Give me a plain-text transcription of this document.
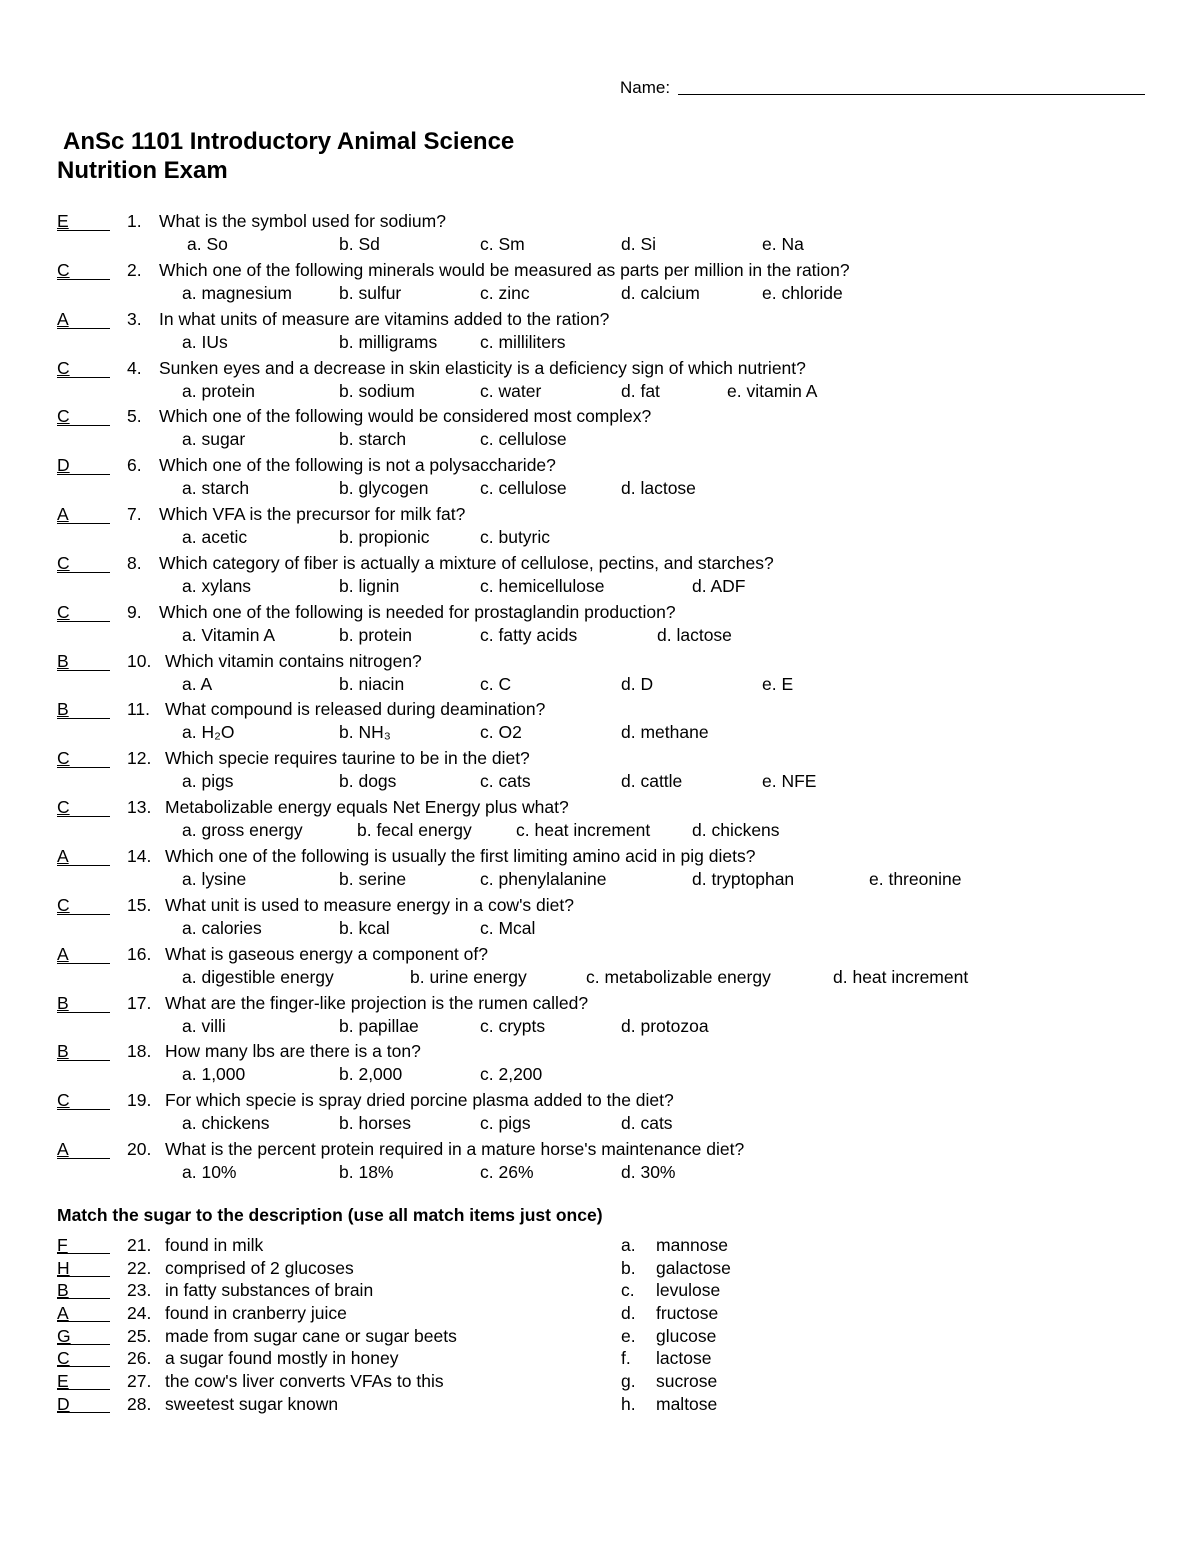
Name:
AnSc 1101 Introductory Animal Science
Nutrition Exam
E	1. What is the symbol used for sodium?
a. So	b. Sd	c. Sm	d. Si	e. Na
C	2. Which one of the following minerals would be measured as parts per million in the ration?
a. magnesium	b. sulfur	c. zinc	d. calcium	e. chloride
A	3. In what units of measure are vitamins added to the ration?
a. IUs	b. milligrams c. milliliters
C	4. Sunken eyes and a decrease in skin elasticity is a deficiency sign of which nutrient?
a. protein	b. sodium	c. water	d. fat	e. vitamin A
C	5. Which one of the following would be considered most complex?
a. sugar	b. starch	c. cellulose
D	6. Which one of the following is not a polysaccharide?
a. starch	b. glycogen	c. cellulose	d. lactose
A	7. Which VFA is the precursor for milk fat?
a. acetic	b. propionic	c. butyric
C	8. Which category of fiber is actually a mixture of cellulose, pectins, and starches?
a. xylans	b. lignin	c. hemicellulose	d. ADF
C	9. Which one of the following is needed for prostaglandin production?
a. Vitamin A	b. protein	c. fatty acids	d. lactose
B	10. Which vitamin contains nitrogen?
a. A	b. niacin	c. C	d. D	e. E
B	11. What compound is released during deamination?
a. H₂O	b. NH₃	c. O2	d. methane
C	12. Which specie requires taurine to be in the diet?
a. pigs	b. dogs	c. cats	d. cattle	e. NFE
C	13. Metabolizable energy equals Net Energy plus what?
a. gross energy	b. fecal energy	c. heat increment d. chickens
A	14. Which one of the following is usually the first limiting amino acid in pig diets?
a. lysine	b. serine	c. phenylalanine	d. tryptophan	e. threonine
C	15. What unit is used to measure energy in a cow's diet?
a. calories	b. kcal	c. Mcal
A	16. What is gaseous energy a component of?
a. digestible energy	b. urine energy	c. metabolizable energy	d. heat increment
B	17. What are the finger-like projection is the rumen called?
a. villi	b. papillae	c. crypts	d. protozoa
B	18. How many lbs are there is a ton?
a. 1,000	b. 2,000	c. 2,200
C	19. For which specie is spray dried porcine plasma added to the diet?
a. chickens	b. horses	c. pigs	d. cats
A	20. What is the percent protein required in a mature horse's maintenance diet?
a. 10%	b. 18%	c. 26%	d. 30%
Match the sugar to the description (use all match items just once)
F	21. found in milk	a. mannose
H	22. comprised of 2 glucoses	b. galactose
B	23. in fatty substances of brain	c. levulose
A	24. found in cranberry juice	d. fructose
G	25. made from sugar cane or sugar beets	e. glucose
C	26. a sugar found mostly in honey	f. lactose
E	27. the cow's liver converts VFAs to this	g. sucrose
D	28. sweetest sugar known	h. maltose
